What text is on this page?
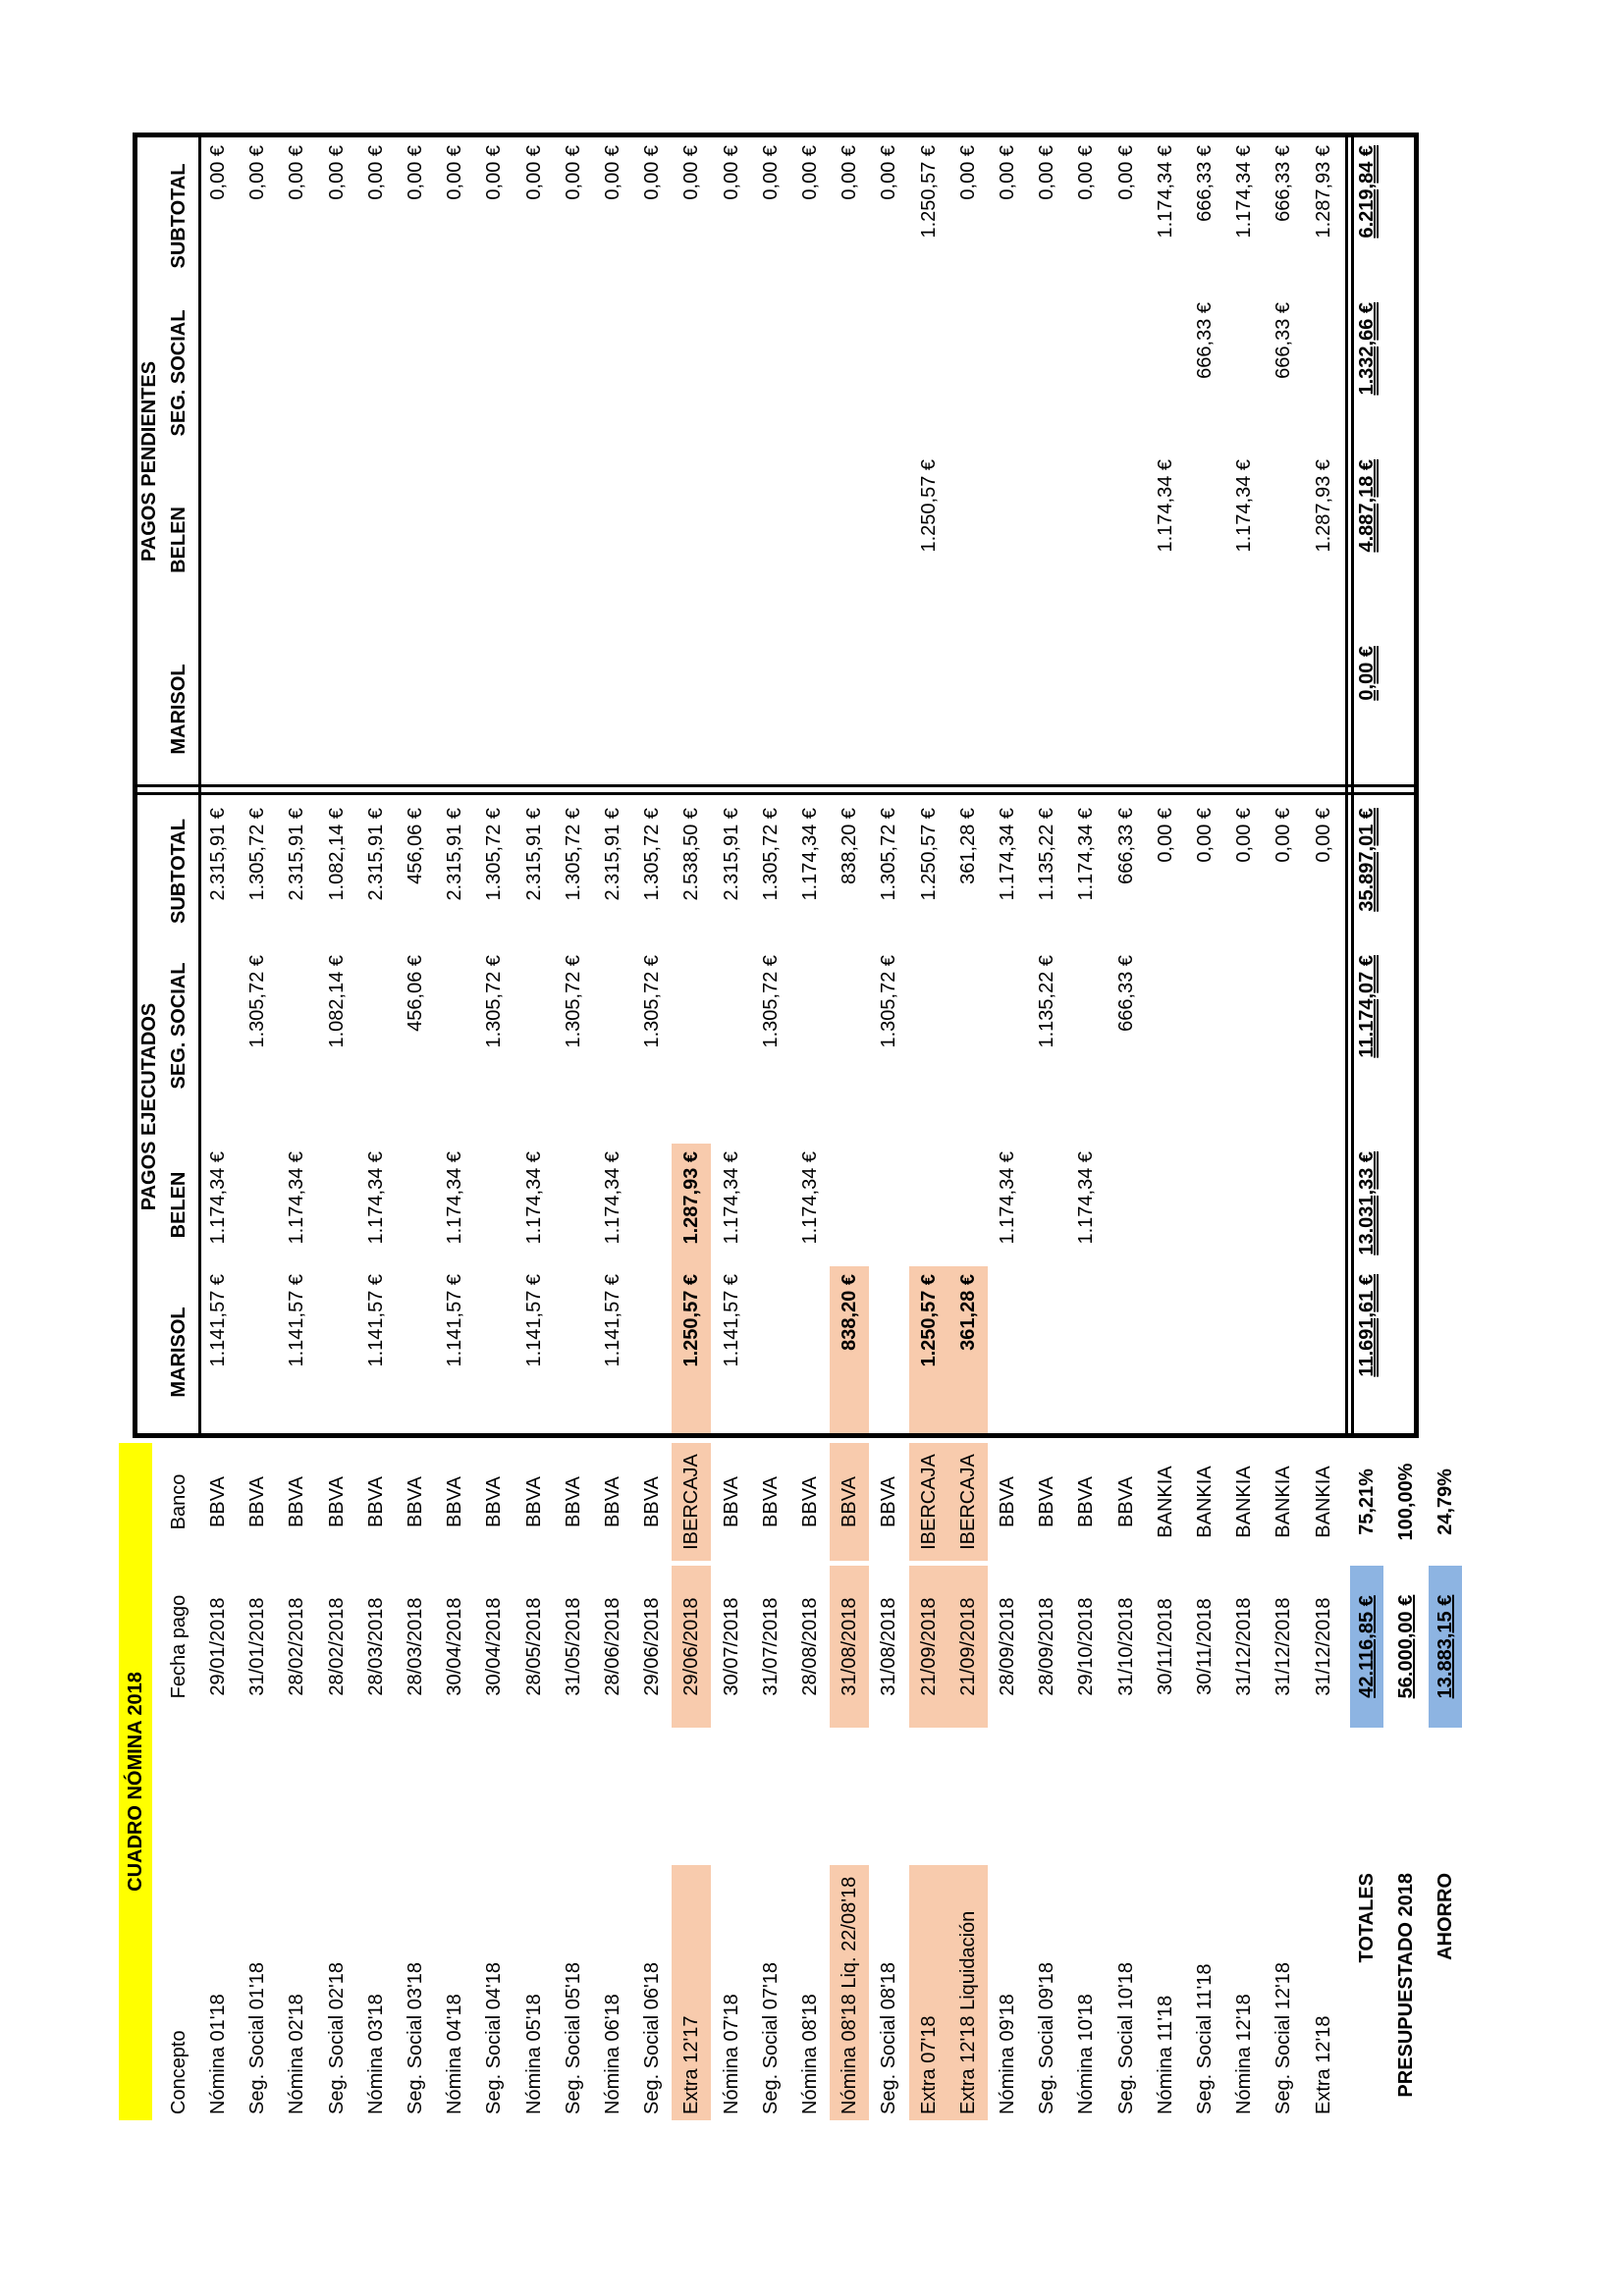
CUADRO NÓMINA 2018
Concepto
Fecha pago
Banco
MARISOL
BELEN
SEG. SOCIAL
SUBTOTAL
MARISOL
BELEN
SEG. SOCIAL
SUBTOTAL
PAGOS EJECUTADOS
PAGOS PENDIENTES
Nómina 01'18
29/01/2018
BBVA
1.141,57 €
1.174,34 €
2.315,91 €
0,00 €
Seg. Social 01'18
31/01/2018
BBVA
1.305,72 €
1.305,72 €
0,00 €
Nómina 02'18
28/02/2018
BBVA
1.141,57 €
1.174,34 €
2.315,91 €
0,00 €
Seg. Social 02'18
28/02/2018
BBVA
1.082,14 €
1.082,14 €
0,00 €
Nómina 03'18
28/03/2018
BBVA
1.141,57 €
1.174,34 €
2.315,91 €
0,00 €
Seg. Social 03'18
28/03/2018
BBVA
456,06 €
456,06 €
0,00 €
Nómina 04'18
30/04/2018
BBVA
1.141,57 €
1.174,34 €
2.315,91 €
0,00 €
Seg. Social 04'18
30/04/2018
BBVA
1.305,72 €
1.305,72 €
0,00 €
Nómina 05'18
28/05/2018
BBVA
1.141,57 €
1.174,34 €
2.315,91 €
0,00 €
Seg. Social 05'18
31/05/2018
BBVA
1.305,72 €
1.305,72 €
0,00 €
Nómina 06'18
28/06/2018
BBVA
1.141,57 €
1.174,34 €
2.315,91 €
0,00 €
Seg. Social 06'18
29/06/2018
BBVA
1.305,72 €
1.305,72 €
0,00 €
Extra 12'17
29/06/2018
IBERCAJA
1.250,57 €
1.287,93 €
2.538,50 €
0,00 €
Nómina 07'18
30/07/2018
BBVA
1.141,57 €
1.174,34 €
2.315,91 €
0,00 €
Seg. Social 07'18
31/07/2018
BBVA
1.305,72 €
1.305,72 €
0,00 €
Nómina 08'18
28/08/2018
BBVA
1.174,34 €
1.174,34 €
0,00 €
Nómina 08'18 Liq. 22/08'18
31/08/2018
BBVA
838,20 €
838,20 €
0,00 €
Seg. Social 08'18
31/08/2018
BBVA
1.305,72 €
1.305,72 €
0,00 €
Extra 07'18
21/09/2018
IBERCAJA
1.250,57 €
1.250,57 €
1.250,57 €
1.250,57 €
Extra 12'18 Liquidación
21/09/2018
IBERCAJA
361,28 €
361,28 €
0,00 €
Nómina 09'18
28/09/2018
BBVA
1.174,34 €
1.174,34 €
0,00 €
Seg. Social 09'18
28/09/2018
BBVA
1.135,22 €
1.135,22 €
0,00 €
Nómina 10'18
29/10/2018
BBVA
1.174,34 €
1.174,34 €
0,00 €
Seg. Social 10'18
31/10/2018
BBVA
666,33 €
666,33 €
0,00 €
Nómina 11'18
30/11/2018
BANKIA
0,00 €
1.174,34 €
1.174,34 €
Seg. Social 11'18
30/11/2018
BANKIA
0,00 €
666,33 €
666,33 €
Nómina 12'18
31/12/2018
BANKIA
0,00 €
1.174,34 €
1.174,34 €
Seg. Social 12'18
31/12/2018
BANKIA
0,00 €
666,33 €
666,33 €
Extra 12'18
31/12/2018
BANKIA
0,00 €
1.287,93 €
1.287,93 €
TOTALES
42.116,85 €
75,21%
11.691,61 €
13.031,33 €
11.174,07 €
35.897,01 €
0,00 €
4.887,18 €
1.332,66 €
6.219,84 €
PRESUPUESTADO 2018
56.000,00 €
100,00%
AHORRO
13.883,15 €
24,79%
